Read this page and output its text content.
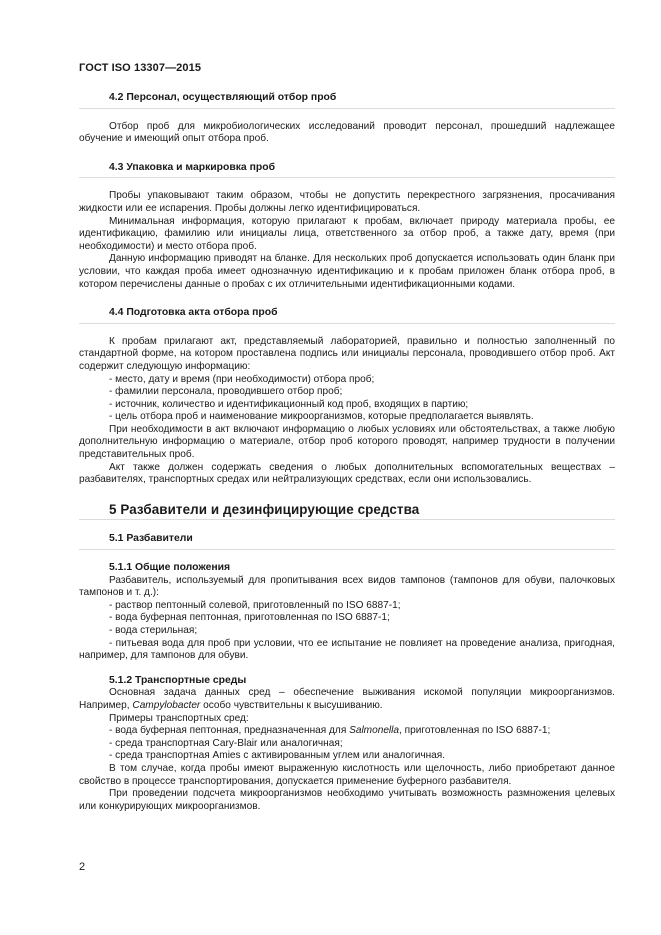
ГОСТ ISO 13307—2015
4.2 Персонал, осуществляющий отбор проб

Отбор проб для микробиологических исследований проводит персонал, прошедший надлежащее обучение и имеющий опыт отбора проб.

4.3 Упаковка и маркировка проб

Пробы упаковывают таким образом, чтобы не допустить перекрестного загрязнения, просачивания жидкости или ее испарения. Пробы должны легко идентифицироваться.

Минимальная информация, которую прилагают к пробам, включает природу материала пробы, ее идентификацию, фамилию или инициалы лица, ответственного за отбор проб, а также дату, время (при необходимости) и место отбора проб.

Данную информацию приводят на бланке. Для нескольких проб допускается использовать один бланк при условии, что каждая проба имеет однозначную идентификацию и к пробам приложен бланк отбора проб, в котором перечислены данные о пробах с их отличительными идентификационными кодами.

4.4 Подготовка акта отбора проб

К пробам прилагают акт, представляемый лабораторией, правильно и полностью заполненный по стандартной форме, на котором проставлена подпись или инициалы персонала, проводившего отбор проб. Акт содержит следующую информацию:

- место, дату и время (при необходимости) отбора проб;

- фамилии персонала, проводившего отбор проб;

- источник, количество и идентификационный код проб, входящих в партию;

- цель отбора проб и наименование микроорганизмов, которые предполагается выявлять.

При необходимости в акт включают информацию о любых условиях или обстоятельствах, а также любую дополнительную информацию о материале, отбор проб которого проводят, например трудности в получении представительных проб.

Акт также должен содержать сведения о любых дополнительных вспомогательных веществах – разбавителях, транспортных средах или нейтрализующих средствах, если они использовались.

5 Разбавители и дезинфицирующие средства
5.1 Разбавители
5.1.1 Общие положения

Разбавитель, используемый для пропитывания всех видов тампонов (тампонов для обуви, палочковых тампонов и т. д.):

- раствор пептонный солевой, приготовленный по ISO 6887-1;

- вода буферная пептонная, приготовленная по ISO 6887-1;

- вода стерильная;

- питьевая вода для проб при условии, что ее испытание не повлияет на проведение анализа, пригодная, например, для тампонов для обуви.

5.1.2 Транспортные среды

Основная задача данных сред – обеспечение выживания искомой популяции микроорганизмов. Например, Campylobacter особо чувствительны к высушиванию.

Примеры транспортных сред:

- вода буферная пептонная, предназначенная для Salmonella, приготовленная по ISO 6887-1;

- среда транспортная Cary-Blair или аналогичная;

- среда транспортная Amies с активированным углем или аналогичная.

В том случае, когда пробы имеют выраженную кислотность или щелочность, либо приобретают данное свойство в процессе транспортирования, допускается применение буферного разбавителя.

При проведении подсчета микроорганизмов необходимо учитывать возможность размножения целевых или конкурирующих микроорганизмов.

2
